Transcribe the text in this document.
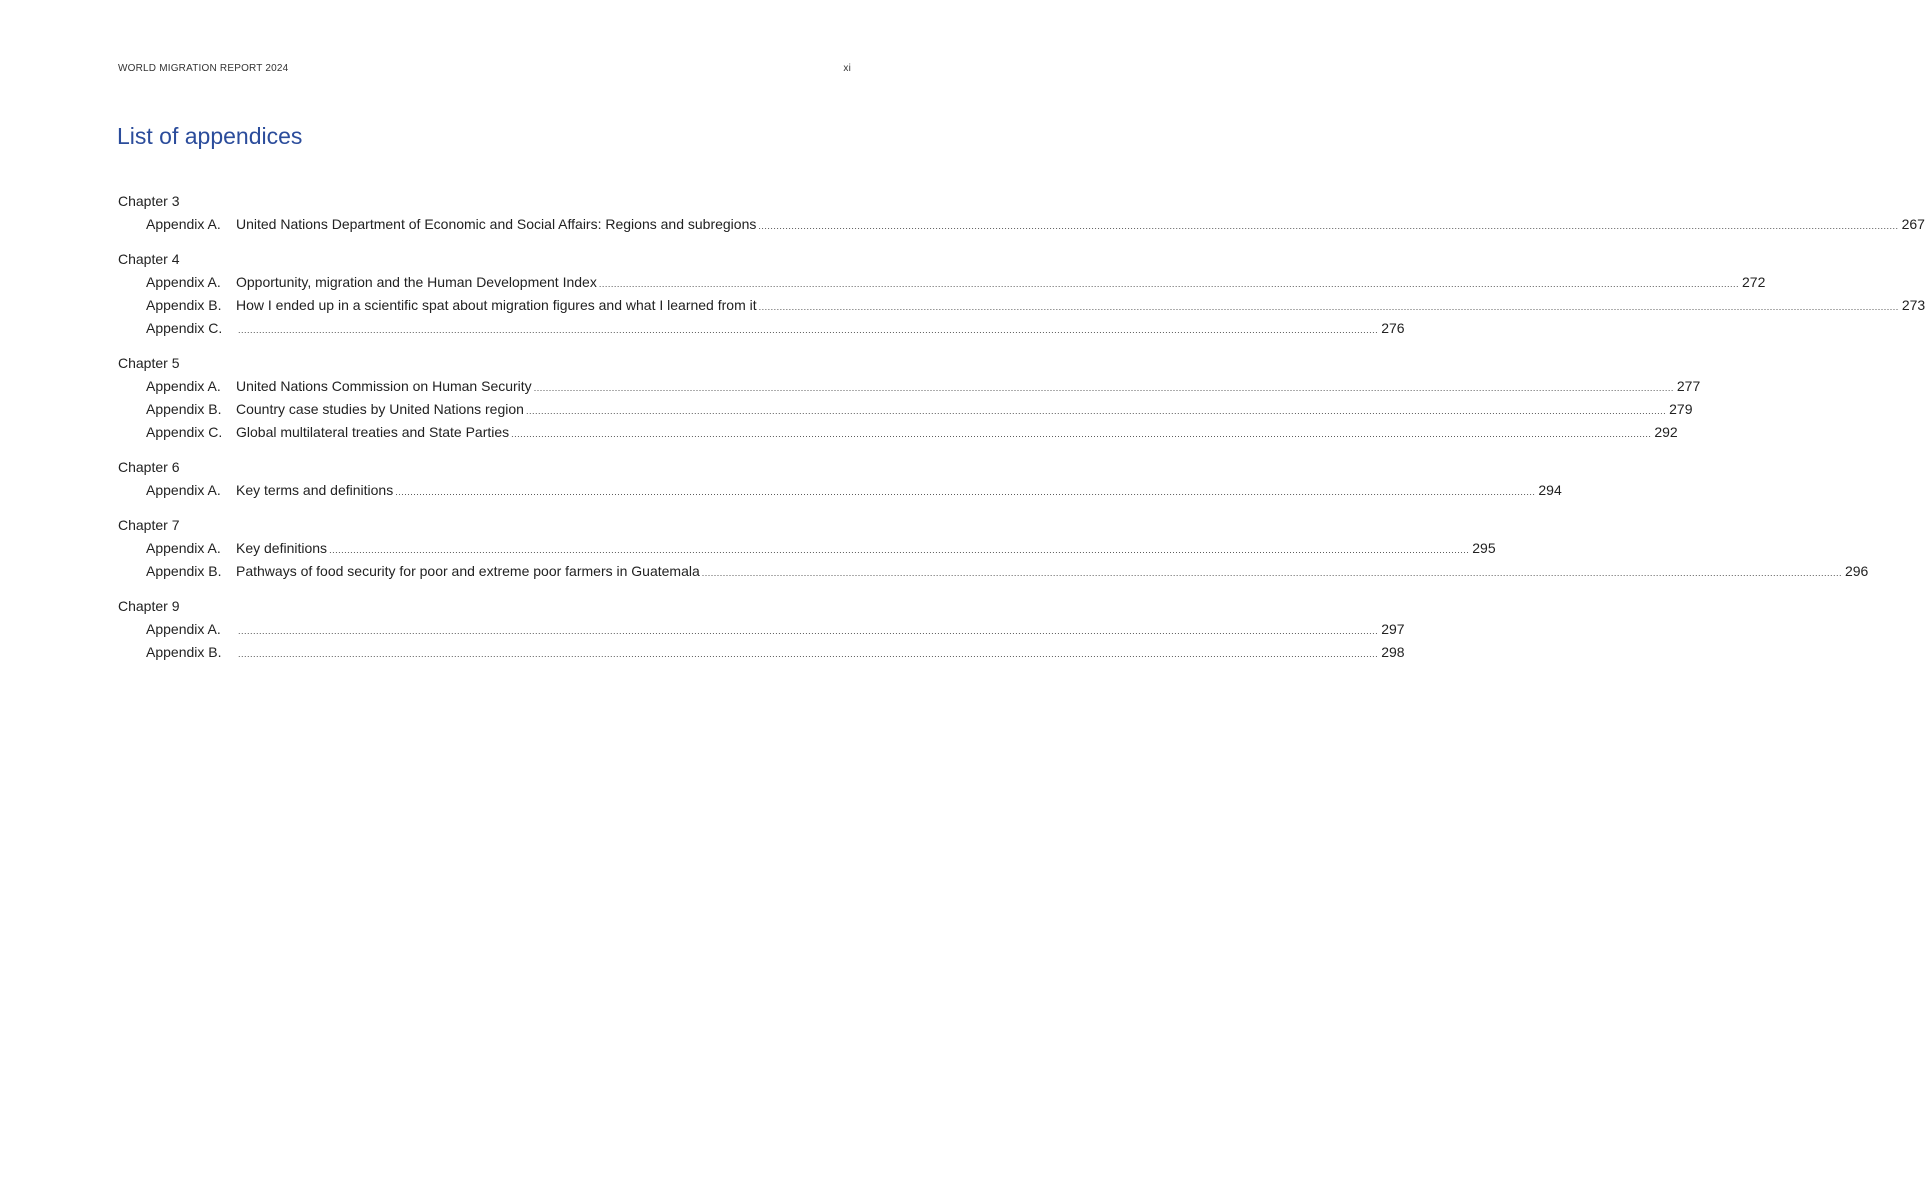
WORLD MIGRATION REPORT 2024	xi
List of appendices
Chapter 3
Appendix A.	United Nations Department of Economic and Social Affairs: Regions and subregions .....	267
Chapter 4
Appendix A.	Opportunity, migration and the Human Development Index .....	272
Appendix B.	How I ended up in a scientific spat about migration figures and what I learned from it .....	273
Appendix C. .....	276
Chapter 5
Appendix A.	United Nations Commission on Human Security .....	277
Appendix B.	Country case studies by United Nations region .....	279
Appendix C. Global multilateral treaties and State Parties .....	292
Chapter 6
Appendix A.	Key terms and definitions .....	294
Chapter 7
Appendix A.	Key definitions .....	295
Appendix B.	Pathways of food security for poor and extreme poor farmers in Guatemala .....	296
Chapter 9
Appendix A. .....	297
Appendix B. .....	298
